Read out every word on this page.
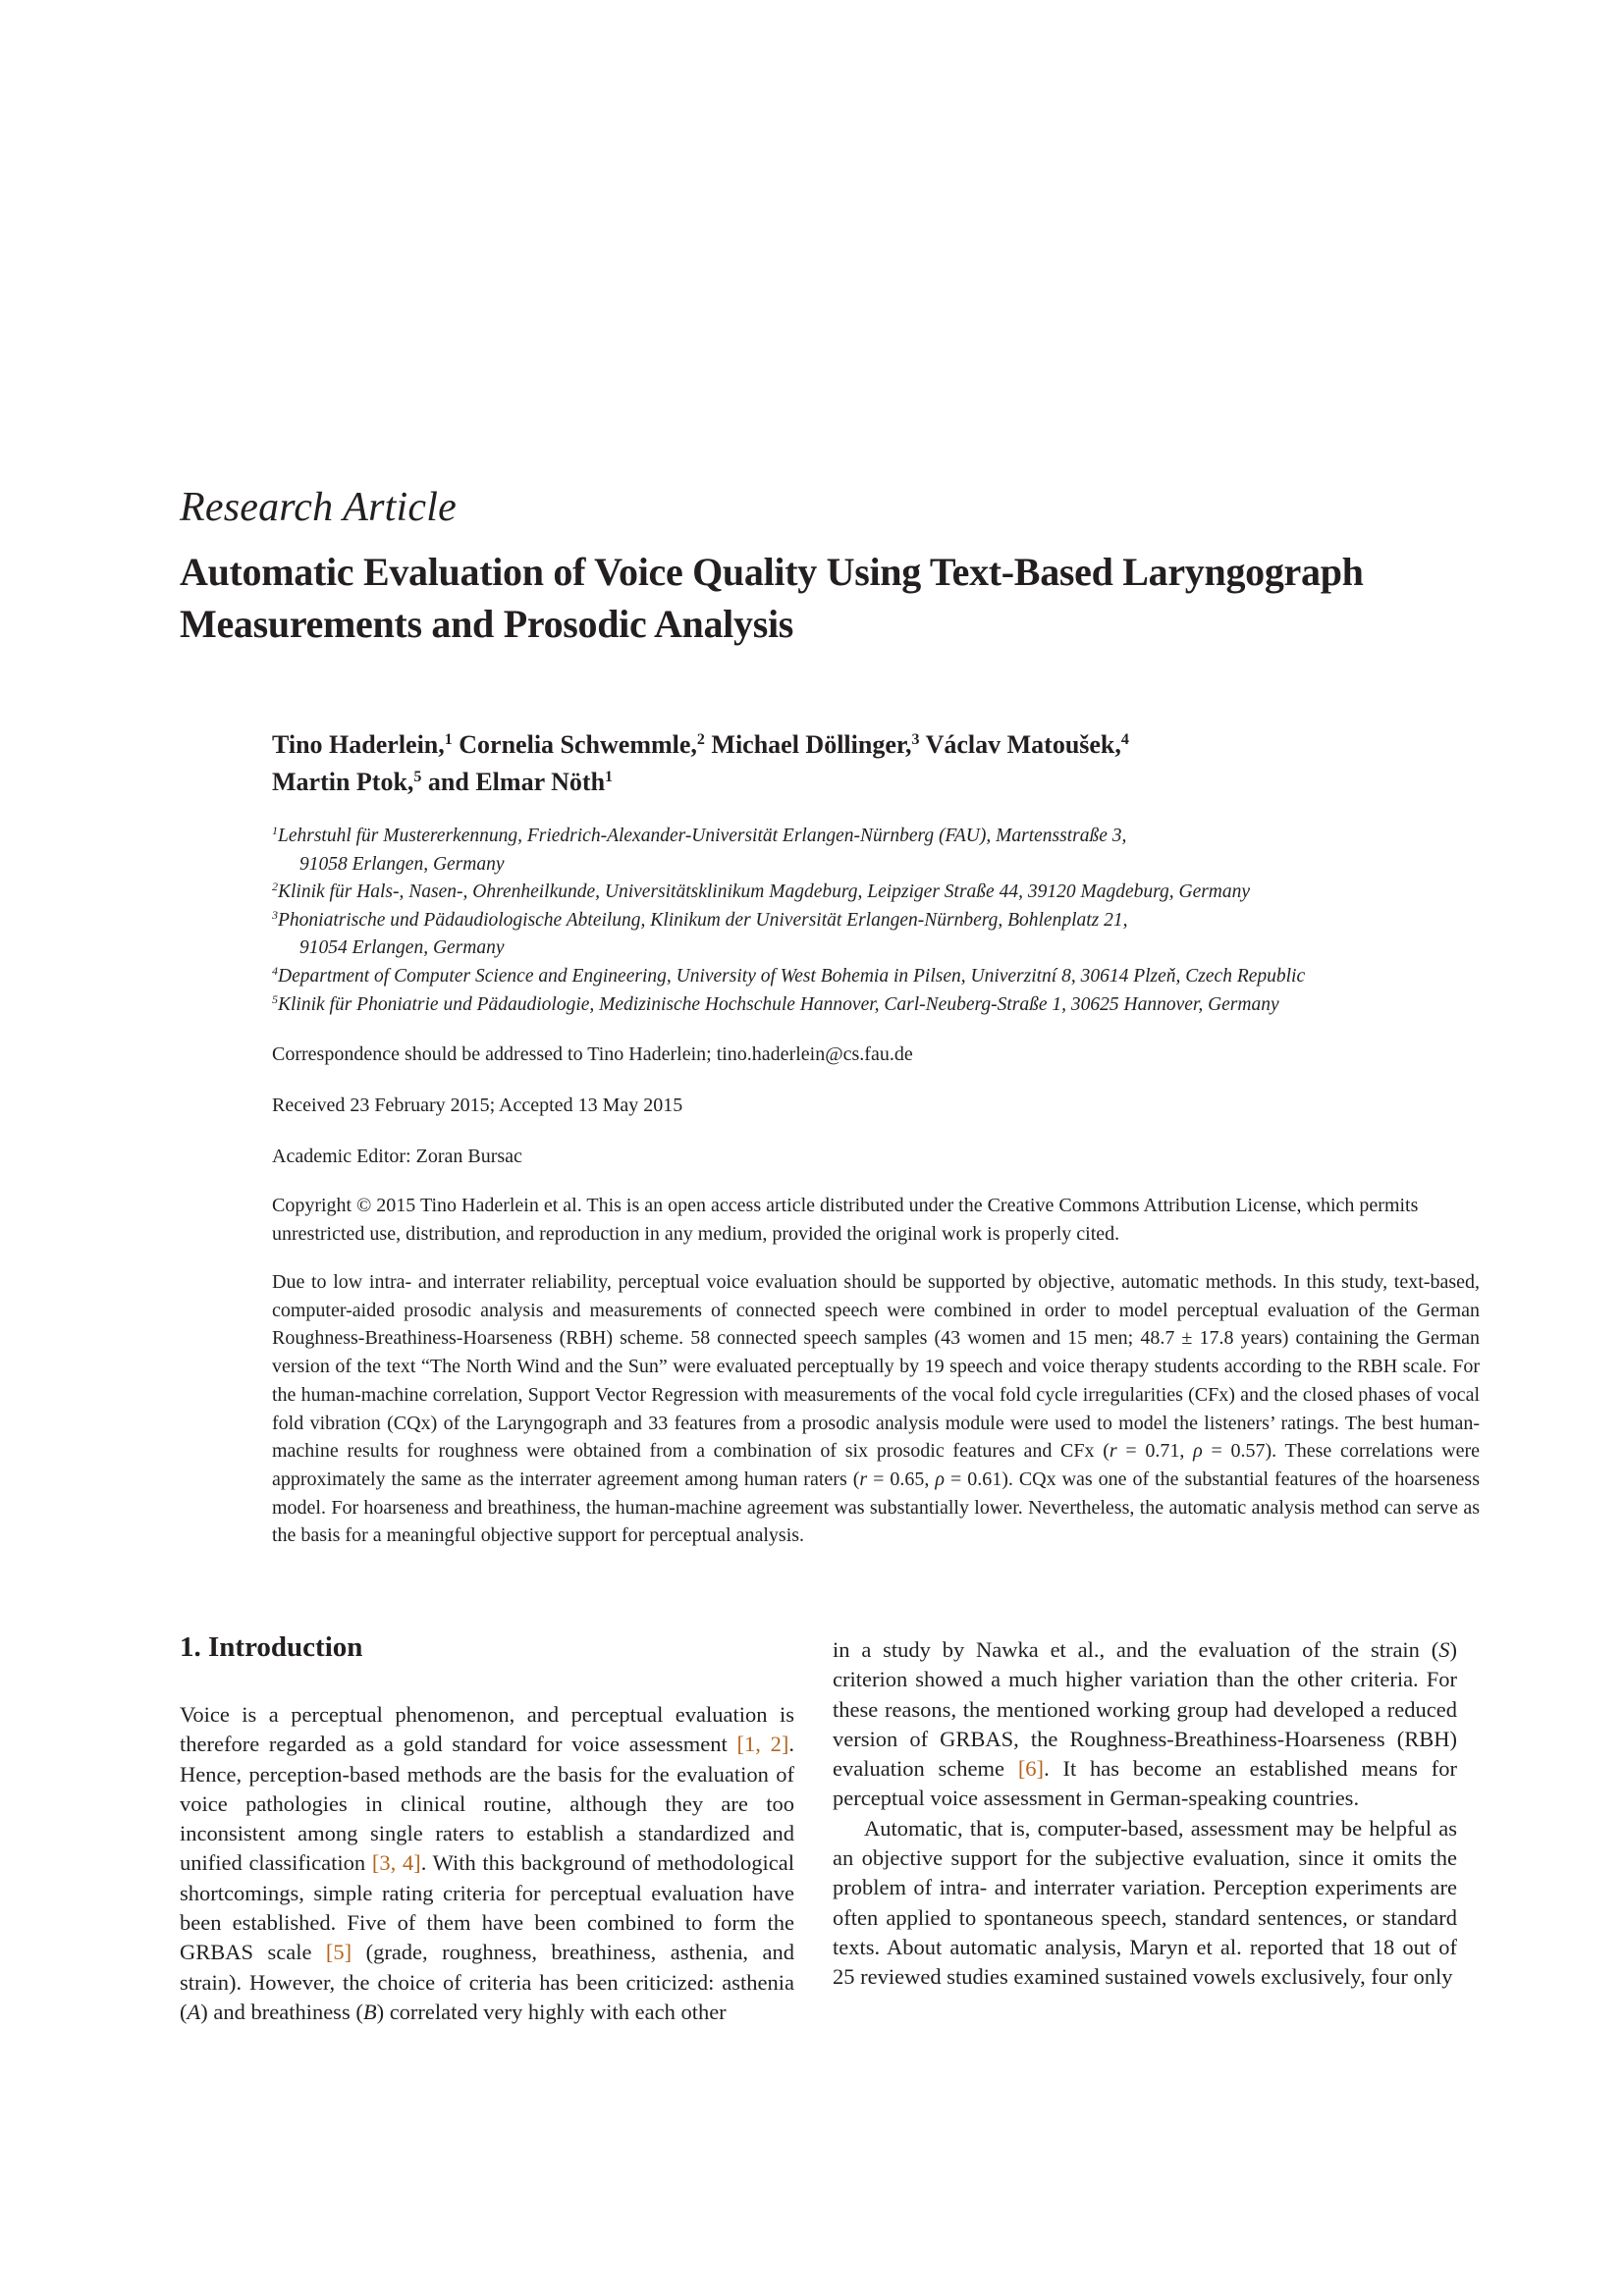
Research Article
Automatic Evaluation of Voice Quality Using Text-Based Laryngograph Measurements and Prosodic Analysis
Tino Haderlein,$^1$ Cornelia Schwemmle,$^2$ Michael Döllinger,$^3$ Václav Matoušek,$^4$
Martin Ptok,$^5$ and Elmar Nöth$^1$
$^1$Lehrstuhl für Mustererkennung, Friedrich-Alexander-Universität Erlangen-Nürnberg (FAU), Martensstraße 3,
91058 Erlangen, Germany
$^2$Klinik für Hals-, Nasen-, Ohrenheilkunde, Universitätsklinikum Magdeburg, Leipziger Straße 44, 39120 Magdeburg, Germany
$^3$Phoniatrische und Pädaudiologische Abteilung, Klinikum der Universität Erlangen-Nürnberg, Bohlenplatz 21,
91054 Erlangen, Germany
$^4$Department of Computer Science and Engineering, University of West Bohemia in Pilsen, Univerzitní 8, 30614 Plzeň, Czech Republic
$^5$Klinik für Phoniatrie und Pädaudiologie, Medizinische Hochschule Hannover, Carl-Neuberg-Straße 1, 30625 Hannover, Germany
Correspondence should be addressed to Tino Haderlein; tino.haderlein@cs.fau.de
Received 23 February 2015; Accepted 13 May 2015
Academic Editor: Zoran Bursac
Copyright © 2015 Tino Haderlein et al. This is an open access article distributed under the Creative Commons Attribution License, which permits unrestricted use, distribution, and reproduction in any medium, provided the original work is properly cited.
Due to low intra- and interrater reliability, perceptual voice evaluation should be supported by objective, automatic methods. In this study, text-based, computer-aided prosodic analysis and measurements of connected speech were combined in order to model perceptual evaluation of the German Roughness-Breathiness-Hoarseness (RBH) scheme. 58 connected speech samples (43 women and 15 men; 48.7 ± 17.8 years) containing the German version of the text “The North Wind and the Sun” were evaluated perceptually by 19 speech and voice therapy students according to the RBH scale. For the human-machine correlation, Support Vector Regression with measurements of the vocal fold cycle irregularities (CFx) and the closed phases of vocal fold vibration (CQx) of the Laryngograph and 33 features from a prosodic analysis module were used to model the listeners’ ratings. The best human-machine results for roughness were obtained from a combination of six prosodic features and CFx (r = 0.71, ρ = 0.57). These correlations were approximately the same as the interrater agreement among human raters (r = 0.65, ρ = 0.61). CQx was one of the substantial features of the hoarseness model. For hoarseness and breathiness, the human-machine agreement was substantially lower. Nevertheless, the automatic analysis method can serve as the basis for a meaningful objective support for perceptual analysis.
1. Introduction

Voice is a perceptual phenomenon, and perceptual evaluation is therefore regarded as a gold standard for voice assessment [1, 2]. Hence, perception-based methods are the basis for the evaluation of voice pathologies in clinical routine, although they are too inconsistent among single raters to establish a standardized and unified classification [3, 4]. With this background of methodological shortcomings, simple rating criteria for perceptual evaluation have been established. Five of them have been combined to form the GRBAS scale [5] (grade, roughness, breathiness, asthenia, and strain). However, the choice of criteria has been criticized: asthenia (A) and breathiness (B) correlated very highly with each other

in a study by Nawka et al., and the evaluation of the strain (S) criterion showed a much higher variation than the other criteria. For these reasons, the mentioned working group had developed a reduced version of GRBAS, the Roughness-Breathiness-Hoarseness (RBH) evaluation scheme [6]. It has become an established means for perceptual voice assessment in German-speaking countries.

Automatic, that is, computer-based, assessment may be helpful as an objective support for the subjective evaluation, since it omits the problem of intra- and interrater variation. Perception experiments are often applied to spontaneous speech, standard sentences, or standard texts. About automatic analysis, Maryn et al. reported that 18 out of 25 reviewed studies examined sustained vowels exclusively, four only
